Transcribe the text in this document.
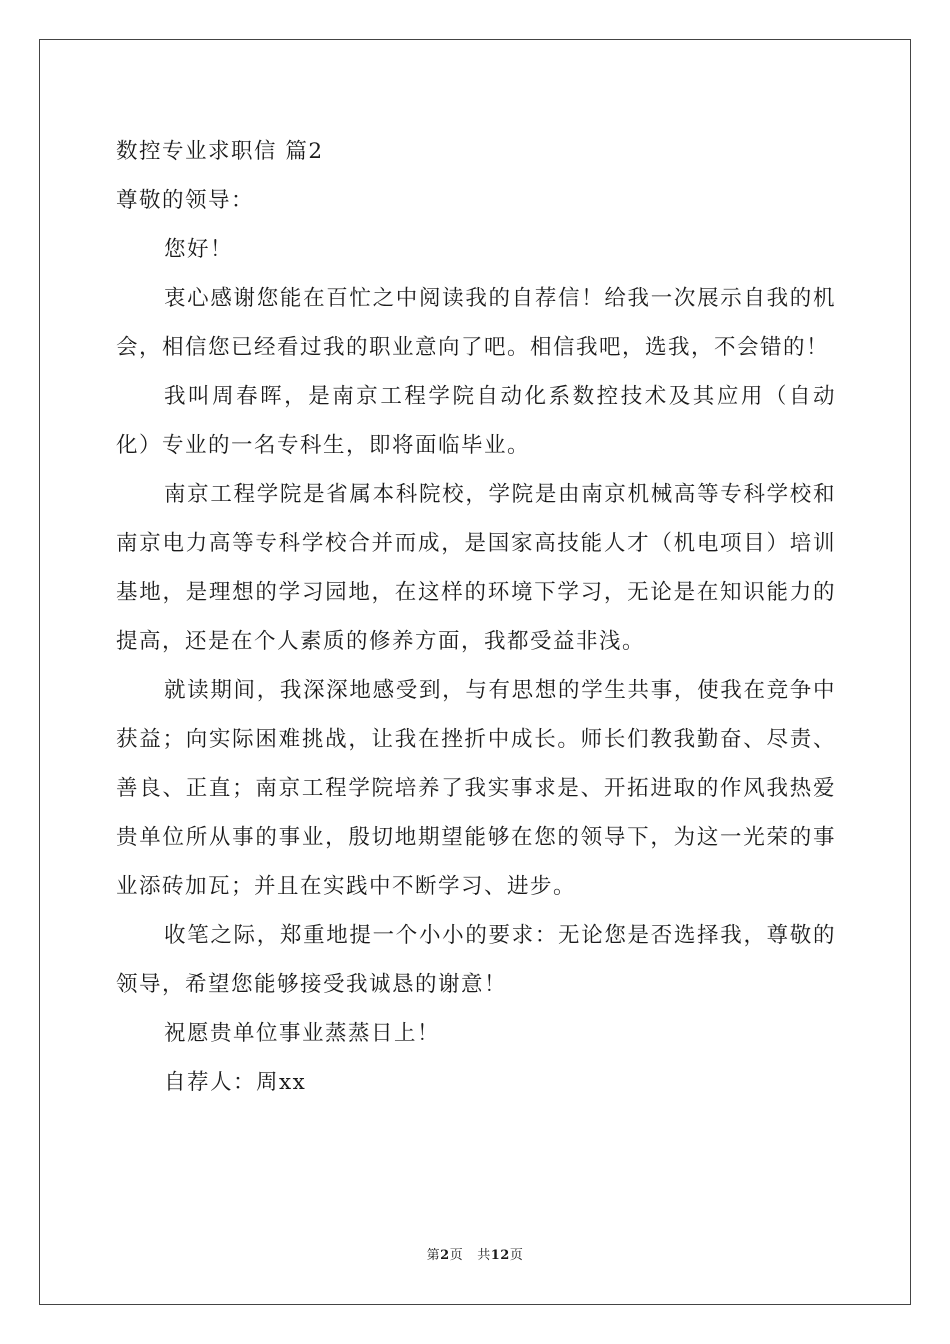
数控专业求职信 篇2

尊敬的领导：

您好！

衷心感谢您能在百忙之中阅读我的自荐信！给我一次展示自我的机会，相信您已经看过我的职业意向了吧。相信我吧，选我，不会错的！

我叫周春晖，是南京工程学院自动化系数控技术及其应用（自动化）专业的一名专科生，即将面临毕业。

南京工程学院是省属本科院校，学院是由南京机械高等专科学校和南京电力高等专科学校合并而成，是国家高技能人才（机电项目）培训基地，是理想的学习园地，在这样的环境下学习，无论是在知识能力的提高，还是在个人素质的修养方面，我都受益非浅。

就读期间，我深深地感受到，与有思想的学生共事，使我在竞争中获益；向实际困难挑战，让我在挫折中成长。师长们教我勤奋、尽责、善良、正直；南京工程学院培养了我实事求是、开拓进取的作风我热爱贵单位所从事的事业，殷切地期望能够在您的领导下，为这一光荣的事业添砖加瓦；并且在实践中不断学习、进步。

收笔之际，郑重地提一个小小的要求：无论您是否选择我，尊敬的领导，希望您能够接受我诚恳的谢意！

祝愿贵单位事业蒸蒸日上！

自荐人：周xx

第2页 共12页
